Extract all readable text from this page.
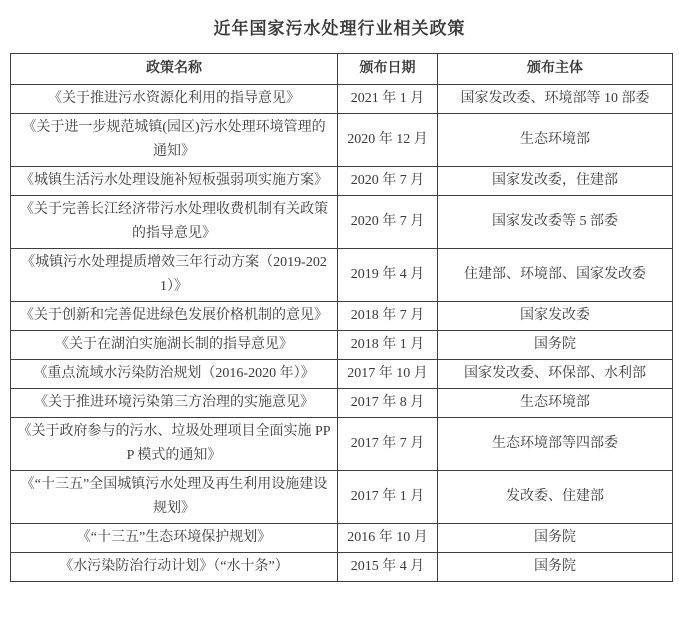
近年国家污水处理行业相关政策
政策名称	颁布日期	颁布主体
《关于推进污水资源化利用的指导意见》	2021 年 1 月	国家发改委、环境部等 10 部委
《关于进一步规范城镇(园区)污水处理环境管理的通知》	2020 年 12 月	生态环境部
《城镇生活污水处理设施补短板强弱项实施方案》	2020 年 7 月	国家发改委，住建部
《关于完善长江经济带污水处理收费机制有关政策的指导意见》	2020 年 7 月	国家发改委等 5 部委
《城镇污水处理提质增效三年行动方案（2019-2021）》	2019 年 4 月	住建部、环境部、国家发改委
《关于创新和完善促进绿色发展价格机制的意见》	2018 年 7 月	国家发改委
《关于在湖泊实施湖长制的指导意见》	2018 年 1 月	国务院
《重点流域水污染防治规划（2016-2020 年）》	2017 年 10 月	国家发改委、环保部、水利部
《关于推进环境污染第三方治理的实施意见》	2017 年 8 月	生态环境部
《关于政府参与的污水、垃圾处理项目全面实施 PPP 模式的通知》	2017 年 7 月	生态环境部等四部委
《“十三五”全国城镇污水处理及再生利用设施建设规划》	2017 年 1 月	发改委、住建部
《“十三五”生态环境保护规划》	2016 年 10 月	国务院
《水污染防治行动计划》（“水十条”）	2015 年 4 月	国务院
